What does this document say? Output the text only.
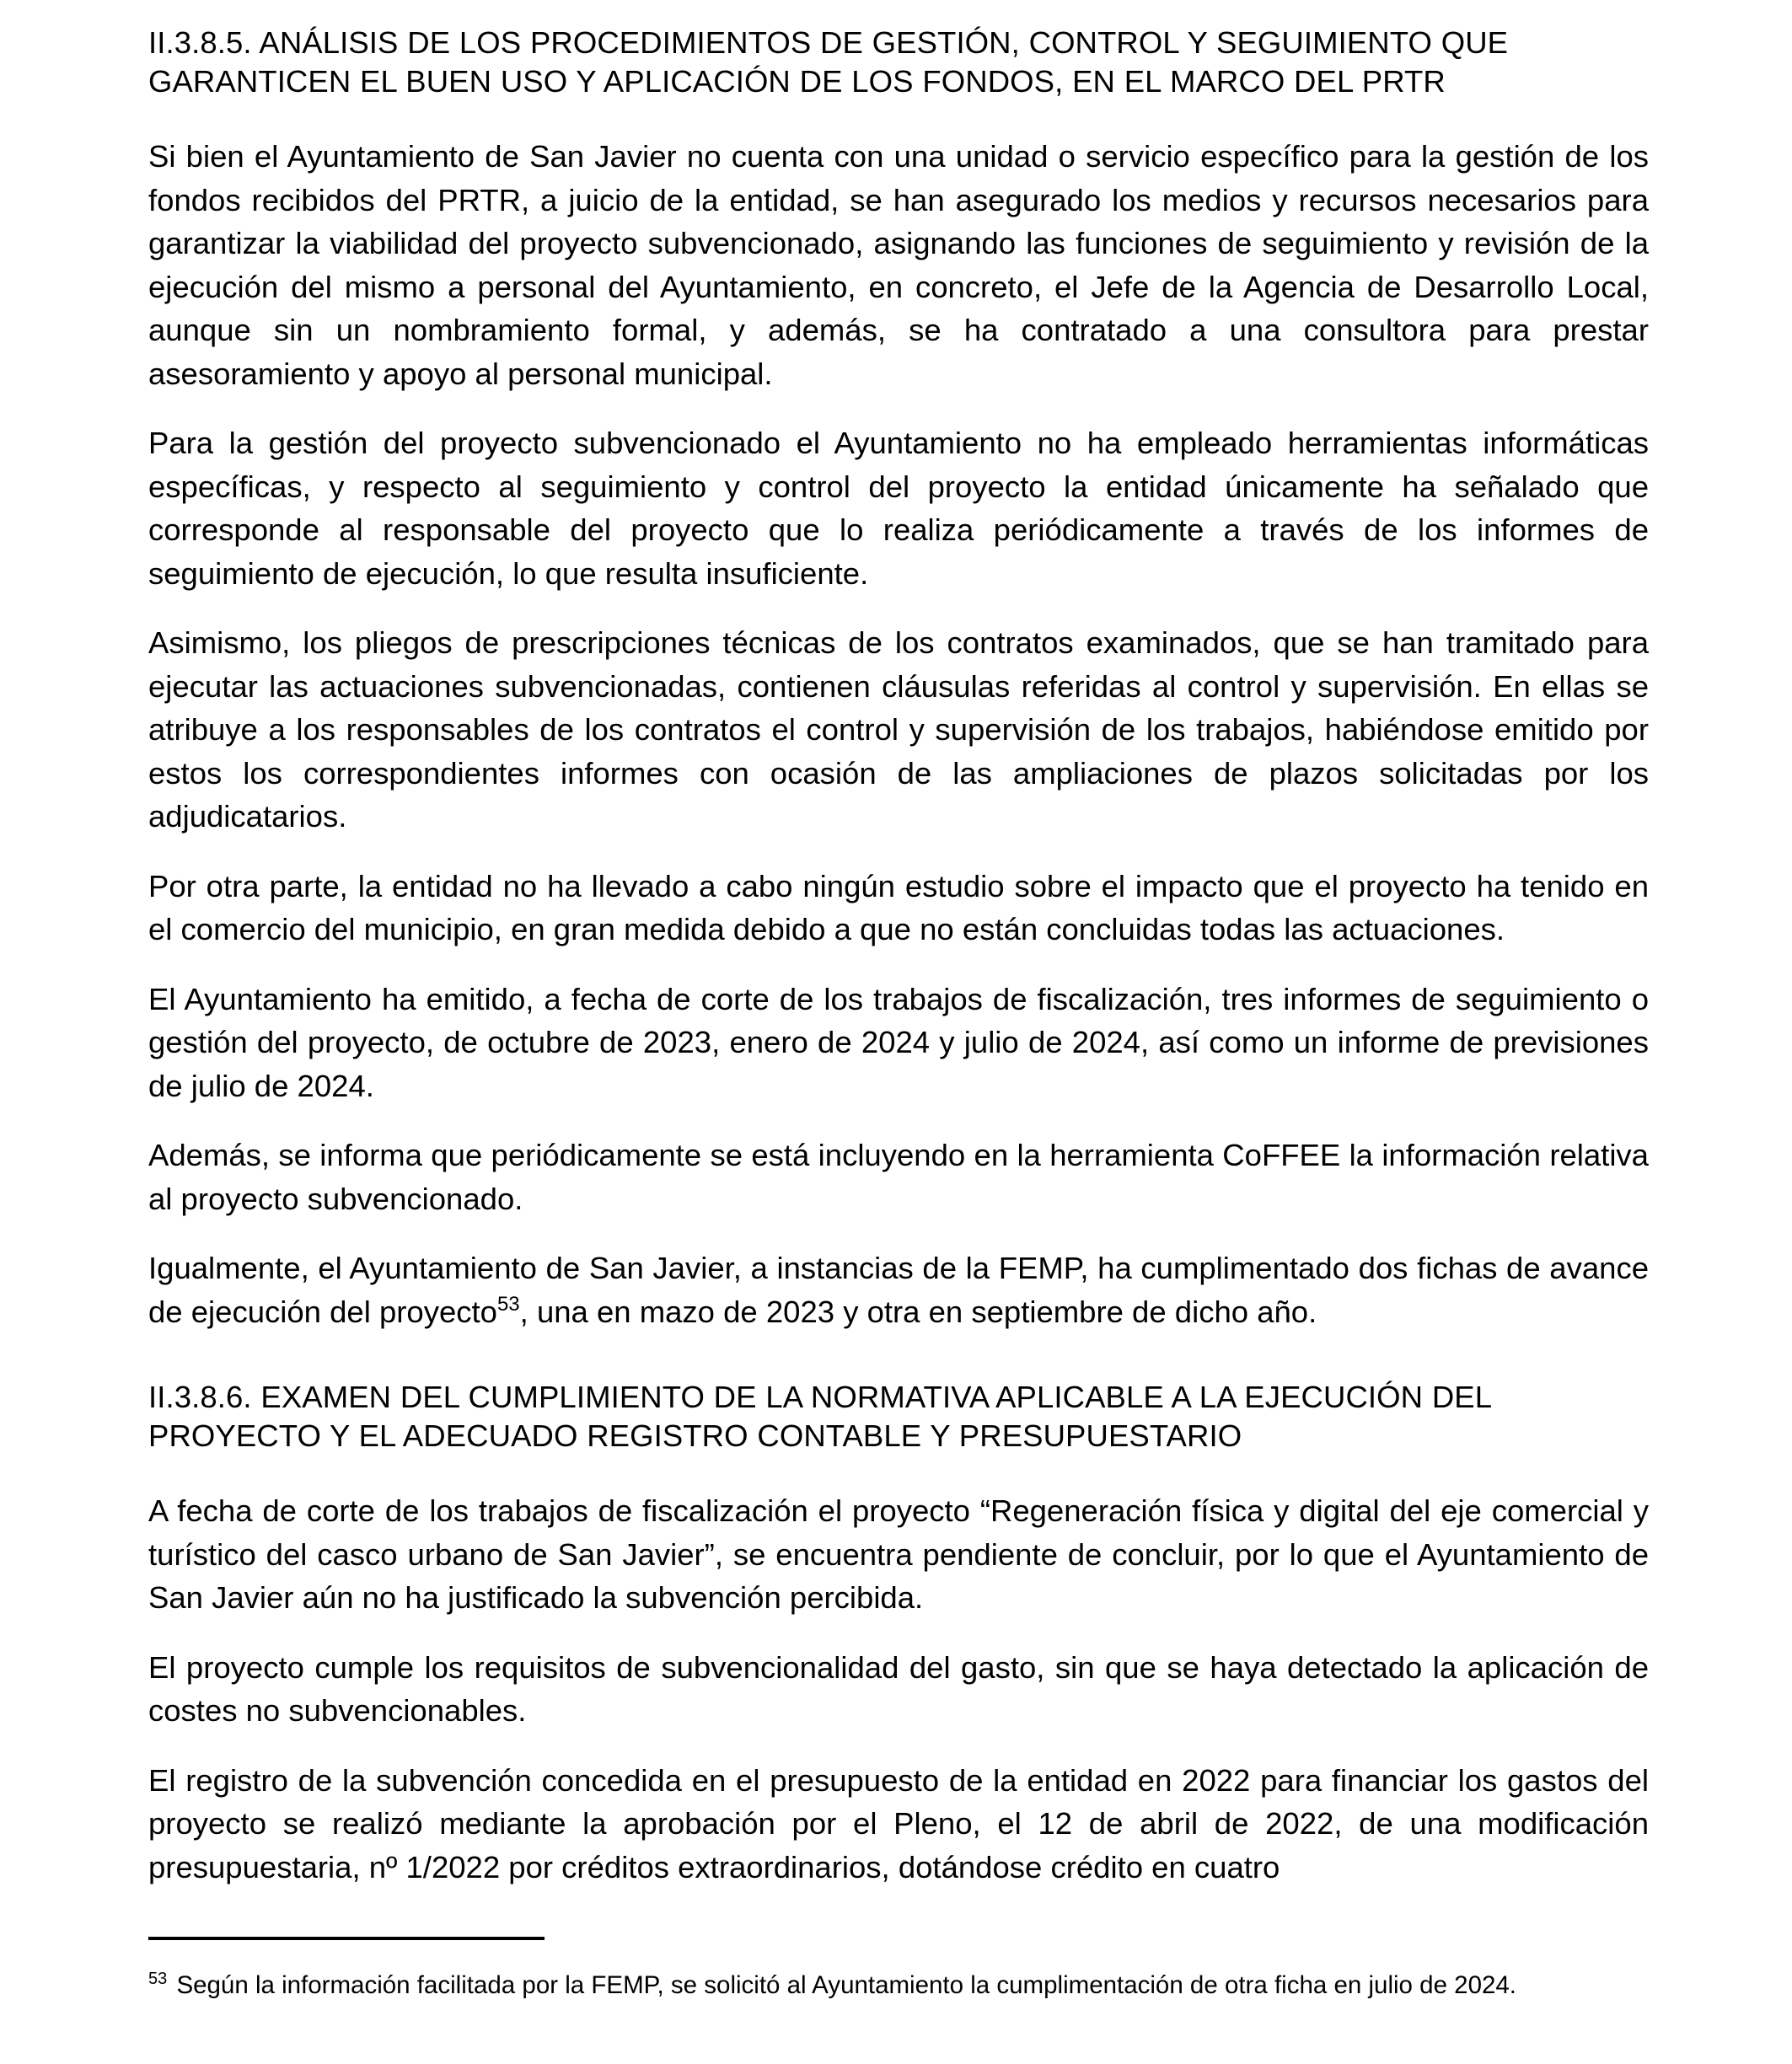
II.3.8.5. ANÁLISIS DE LOS PROCEDIMIENTOS DE GESTIÓN, CONTROL Y SEGUIMIENTO QUE GARANTICEN EL BUEN USO Y APLICACIÓN DE LOS FONDOS, EN EL MARCO DEL PRTR

Si bien el Ayuntamiento de San Javier no cuenta con una unidad o servicio específico para la gestión de los fondos recibidos del PRTR, a juicio de la entidad, se han asegurado los medios y recursos necesarios para garantizar la viabilidad del proyecto subvencionado, asignando las funciones de seguimiento y revisión de la ejecución del mismo a personal del Ayuntamiento, en concreto, el Jefe de la Agencia de Desarrollo Local, aunque sin un nombramiento formal, y además, se ha contratado a una consultora para prestar asesoramiento y apoyo al personal municipal.

Para la gestión del proyecto subvencionado el Ayuntamiento no ha empleado herramientas informáticas específicas, y respecto al seguimiento y control del proyecto la entidad únicamente ha señalado que corresponde al responsable del proyecto que lo realiza periódicamente a través de los informes de seguimiento de ejecución, lo que resulta insuficiente.

Asimismo, los pliegos de prescripciones técnicas de los contratos examinados, que se han tramitado para ejecutar las actuaciones subvencionadas, contienen cláusulas referidas al control y supervisión. En ellas se atribuye a los responsables de los contratos el control y supervisión de los trabajos, habiéndose emitido por estos los correspondientes informes con ocasión de las ampliaciones de plazos solicitadas por los adjudicatarios.

Por otra parte, la entidad no ha llevado a cabo ningún estudio sobre el impacto que el proyecto ha tenido en el comercio del municipio, en gran medida debido a que no están concluidas todas las actuaciones.

El Ayuntamiento ha emitido, a fecha de corte de los trabajos de fiscalización, tres informes de seguimiento o gestión del proyecto, de octubre de 2023, enero de 2024 y julio de 2024, así como un informe de previsiones de julio de 2024.

Además, se informa que periódicamente se está incluyendo en la herramienta CoFFEE la información relativa al proyecto subvencionado.

Igualmente, el Ayuntamiento de San Javier, a instancias de la FEMP, ha cumplimentado dos fichas de avance de ejecución del proyecto$^{53}$, una en mazo de 2023 y otra en septiembre de dicho año.

II.3.8.6. EXAMEN DEL CUMPLIMIENTO DE LA NORMATIVA APLICABLE A LA EJECUCIÓN DEL PROYECTO Y EL ADECUADO REGISTRO CONTABLE Y PRESUPUESTARIO

A fecha de corte de los trabajos de fiscalización el proyecto “Regeneración física y digital del eje comercial y turístico del casco urbano de San Javier”, se encuentra pendiente de concluir, por lo que el Ayuntamiento de San Javier aún no ha justificado la subvención percibida.

El proyecto cumple los requisitos de subvencionalidad del gasto, sin que se haya detectado la aplicación de costes no subvencionables.

El registro de la subvención concedida en el presupuesto de la entidad en 2022 para financiar los gastos del proyecto se realizó mediante la aprobación por el Pleno, el 12 de abril de 2022, de una modificación presupuestaria, nº 1/2022 por créditos extraordinarios, dotándose crédito en cuatro

$^{53}$ Según la información facilitada por la FEMP, se solicitó al Ayuntamiento la cumplimentación de otra ficha en julio de 2024.
